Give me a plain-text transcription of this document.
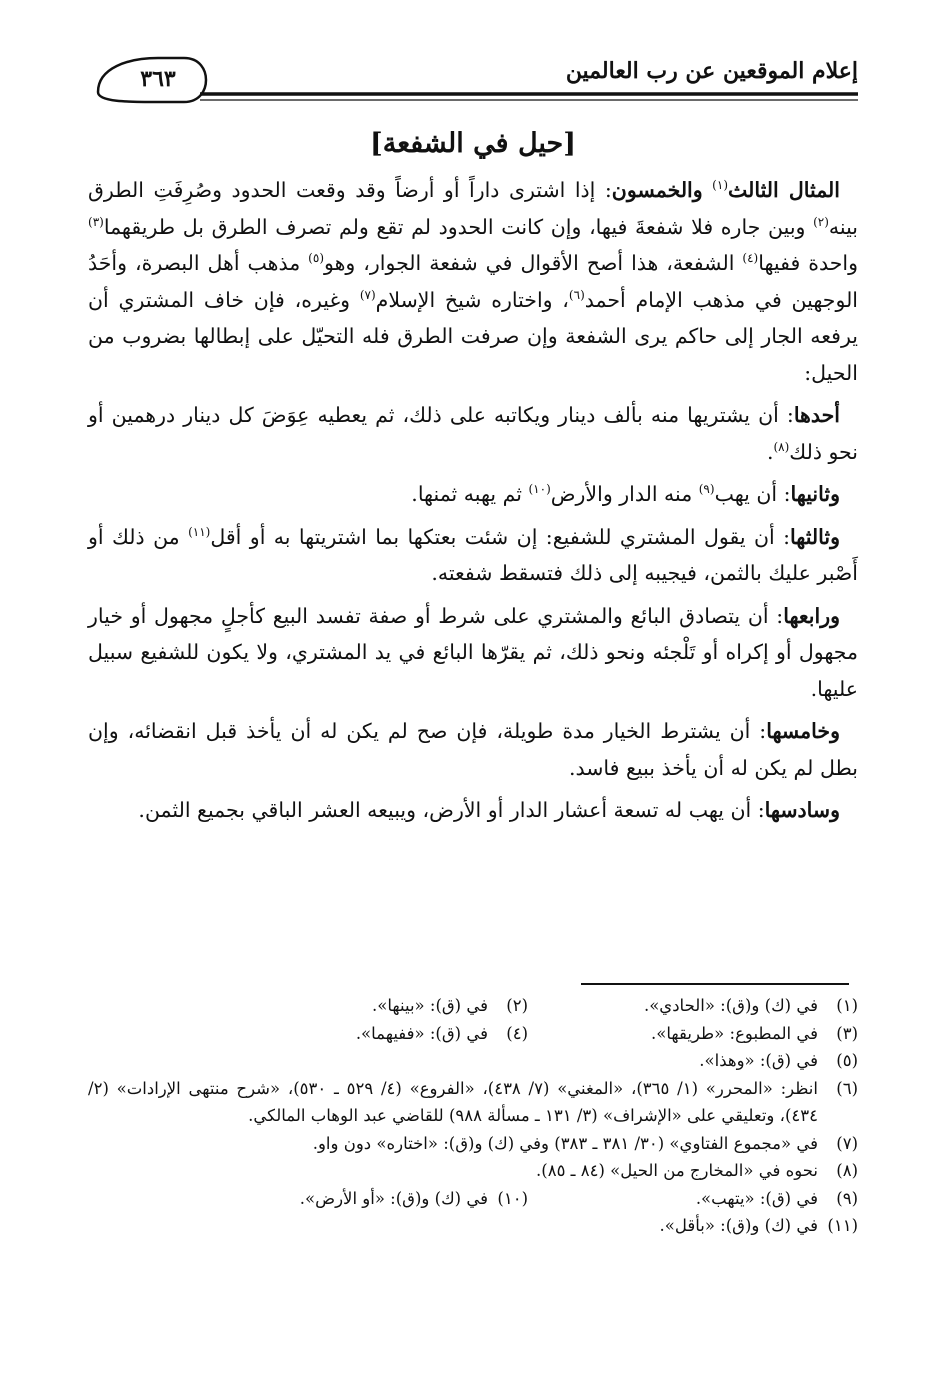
٣٦٣	إعلام الموقعين عن رب العالمين
[حيل في الشفعة]

المثال الثالث$^{(١)}$ والخمسون: إذا اشترى داراً أو أرضاً وقد وقعت الحدود وصُرِفَتِ الطرق بينه$^{(٢)}$ وبين جاره فلا شفعةَ فيها، وإن كانت الحدود لم تقع ولم تصرف الطرق بل طريقهما$^{(٣)}$ واحدة ففيها$^{(٤)}$ الشفعة، هذا أصح الأقوال في شفعة الجوار، وهو$^{(٥)}$ مذهب أهل البصرة، وأحَدُ الوجهين في مذهب الإمام أحمد$^{(٦)}$، واختاره شيخ الإسلام$^{(٧)}$ وغيره، فإن خاف المشتري أن يرفعه الجار إلى حاكم يرى الشفعة وإن صرفت الطرق فله التحيّل على إبطالها بضروب من الحيل:

أحدها: أن يشتريها منه بألف دينار ويكاتبه على ذلك، ثم يعطيه عِوَضَ كل دينار درهمين أو نحو ذلك$^{(٨)}$.

وثانيها: أن يهب$^{(٩)}$ منه الدار والأرض$^{(١٠)}$ ثم يهبه ثمنها.

وثالثها: أن يقول المشتري للشفيع: إن شئت بعتكها بما اشتريتها به أو أقل$^{(١١)}$ من ذلك أو أَصْبر عليك بالثمن، فيجيبه إلى ذلك فتسقط شفعته.

ورابعها: أن يتصادق البائع والمشتري على شرط أو صفة تفسد البيع كأجلٍ مجهول أو خيار مجهول أو إكراه أو تَلْجئه ونحو ذلك، ثم يقرّها البائع في يد المشتري، ولا يكون للشفيع سبيل عليها.

وخامسها: أن يشترط الخيار مدة طويلة، فإن صح لم يكن له أن يأخذ قبل انقضائه، وإن بطل لم يكن له أن يأخذ ببيع فاسد.

وسادسها: أن يهب له تسعة أعشار الدار أو الأرض، ويبيعه العشر الباقي بجميع الثمن.

(١)
في (ك) و(ق): «الحادي».
(٢)
في (ق): «بينها».
(٣)
في المطبوع: «طريقها».
(٤)
في (ق): «ففيهما».
(٥)
في (ق): «وهذا».
(٦)
انظر: «المحرر» (١/ ٣٦٥)، «المغني» (٧/ ٤٣٨)، «الفروع» (٤/ ٥٢٩ ـ ٥٣٠)، «شرح منتهى الإرادات» (٢/ ٤٣٤)، وتعليقي على «الإشراف» (٣/ ١٣١ ـ مسألة ٩٨٨) للقاضي عبد الوهاب المالكي.
(٧)
في «مجموع الفتاوي» (٣٠/ ٣٨١ ـ ٣٨٣) وفي (ك) و(ق): «اختاره» دون واو.
(٨)
نحوه في «المخارج من الحيل» (٨٤ ـ ٨٥).
(٩)
في (ق): «يتهب».
(١٠)
في (ك) و(ق): «أو الأرض».
(١١)
في (ك) و(ق): «بأقل».
